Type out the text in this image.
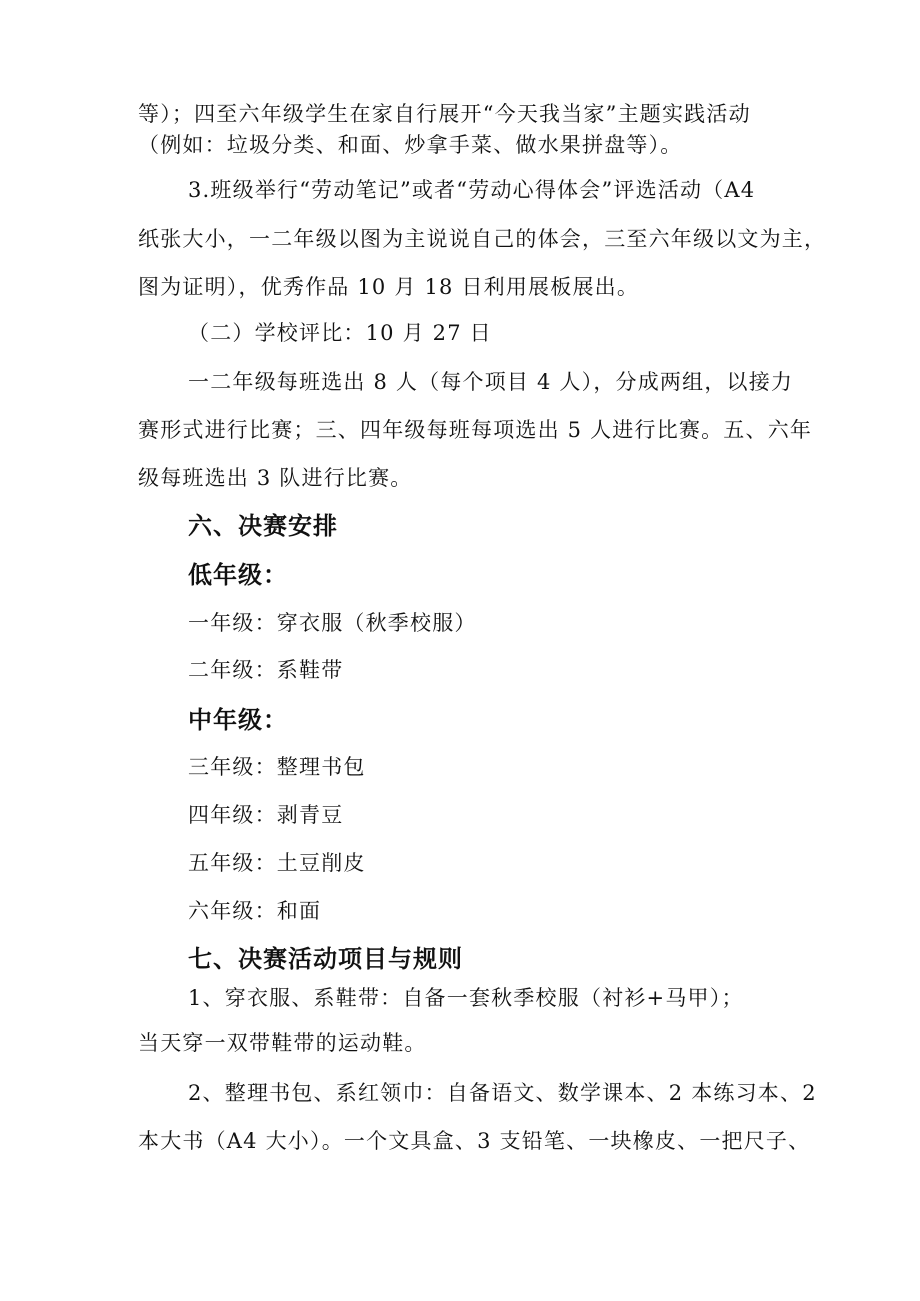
等）；四至六年级学生在家自行展开“今天我当家”主题实践活动
（例如：垃圾分类、和面、炒拿手菜、做水果拼盘等）。
3.班级举行“劳动笔记”或者“劳动心得体会”评选活动（A4
纸张大小，一二年级以图为主说说自己的体会，三至六年级以文为主，
图为证明），优秀作品 10 月 18 日利用展板展出。
（二）学校评比：10 月 27 日
一二年级每班选出 8 人（每个项目 4 人），分成两组，以接力
赛形式进行比赛；三、四年级每班每项选出 5 人进行比赛。五、六年
级每班选出 3 队进行比赛。
六、决赛安排
低年级：
一年级：穿衣服（秋季校服）
二年级：系鞋带
中年级：
三年级：整理书包
四年级：剥青豆
五年级：土豆削皮
六年级：和面
七、决赛活动项目与规则
1、穿衣服、系鞋带：自备一套秋季校服（衬衫+马甲）；
当天穿一双带鞋带的运动鞋。
2、整理书包、系红领巾：自备语文、数学课本、2 本练习本、2
本大书（A4 大小）。一个文具盒、3 支铅笔、一块橡皮、一把尺子、
